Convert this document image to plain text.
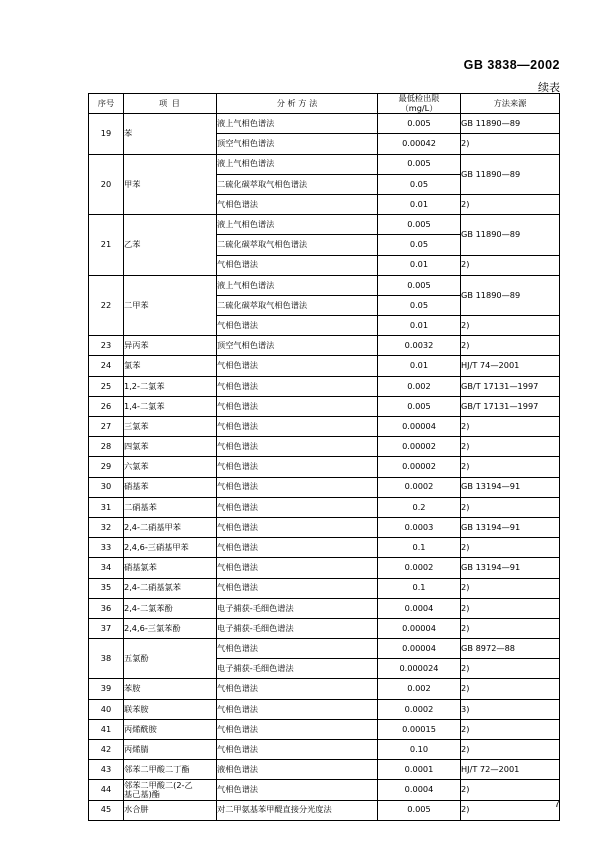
GB 3838—2002
续表
序号	项 目	分 析 方 法	最低检出限
（mg/L）	方法来源
19	苯	液上气相色谱法	0.005	GB 11890—89
		顶空气相色谱法	0.00042	2)
20	甲苯	液上气相色谱法	0.005	GB 11890—89
		二硫化碳萃取气相色谱法	0.05	
		气相色谱法	0.01	2)
21	乙苯	液上气相色谱法	0.005	GB 11890—89
		二硫化碳萃取气相色谱法	0.05	
		气相色谱法	0.01	2)
22	二甲苯	液上气相色谱法	0.005	GB 11890—89
		二硫化碳萃取气相色谱法	0.05	
		气相色谱法	0.01	2)
23	异丙苯	顶空气相色谱法	0.0032	2)
24	氯苯	气相色谱法	0.01	HJ/T 74—2001
25	1,2-二氯苯	气相色谱法	0.002	GB/T 17131—1997
26	1,4-二氯苯	气相色谱法	0.005	GB/T 17131—1997
27	三氯苯	气相色谱法	0.00004	2)
28	四氯苯	气相色谱法	0.00002	2)
29	六氯苯	气相色谱法	0.00002	2)
30	硝基苯	气相色谱法	0.0002	GB 13194—91
31	二硝基苯	气相色谱法	0.2	2)
32	2,4-二硝基甲苯	气相色谱法	0.0003	GB 13194—91
33	2,4,6-三硝基甲苯	气相色谱法	0.1	2)
34	硝基氯苯	气相色谱法	0.0002	GB 13194—91
35	2,4-二硝基氯苯	气相色谱法	0.1	2)
36	2,4-二氯苯酚	电子捕获-毛细色谱法	0.0004	2)
37	2,4,6-三氯苯酚	电子捕获-毛细色谱法	0.00004	2)
38	五氯酚	气相色谱法	0.00004	GB 8972—88
		电子捕获-毛细色谱法	0.000024	2)
39	苯胺	气相色谱法	0.002	2)
40	联苯胺	气相色谱法	0.0002	3)
41	丙烯酰胺	气相色谱法	0.00015	2)
42	丙烯腈	气相色谱法	0.10	2)
43	邻苯二甲酸二丁酯	液相色谱法	0.0001	HJ/T 72—2001
44	邻苯二甲酸二(2-乙
基己基)酯	气相色谱法	0.0004	2)
45	水合肼	对二甲氨基苯甲醍直接分光度法	0.005	2)	7
